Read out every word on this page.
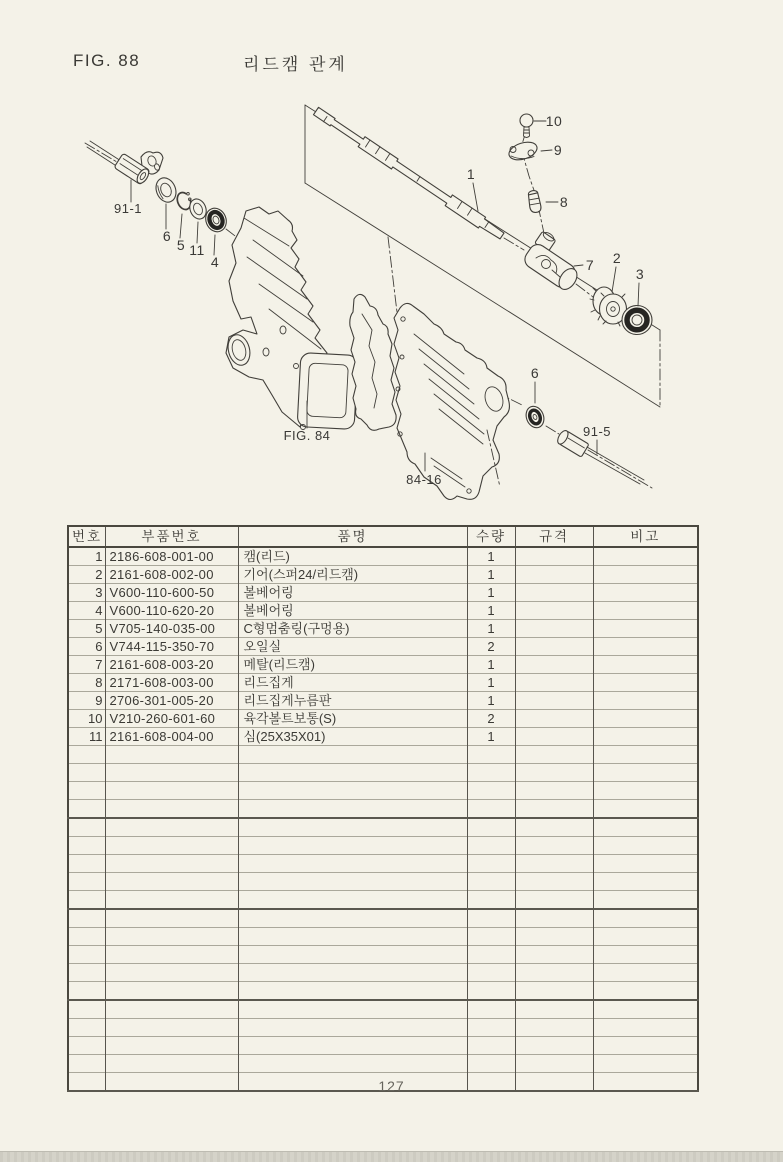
FIG. 88	리드캠 관계
1
2
3
4
5
6
11
91-1
7
8
9
10
6
91-5
FIG. 84
84-16
번호	부품번호	품명	수량	규격	비고
1	2186-608-001-00	캠(리드)	1		
2	2161-608-002-00	기어(스퍼24/리드캠)	1		
3	V600-110-600-50	볼베어링	1		
4	V600-110-620-20	볼베어링	1		
5	V705-140-035-00	C형멈춤링(구멍용)	1		
6	V744-115-350-70	오일실	2		
7	2161-608-003-20	메탈(리드캠)	1		
8	2171-608-003-00	리드집게	1		
9	2706-301-005-20	리드집게누름판	1		
10	V210-260-601-60	육각볼트보통(S)	2		
11	2161-608-004-00	심(25X35X01)	1		

127
